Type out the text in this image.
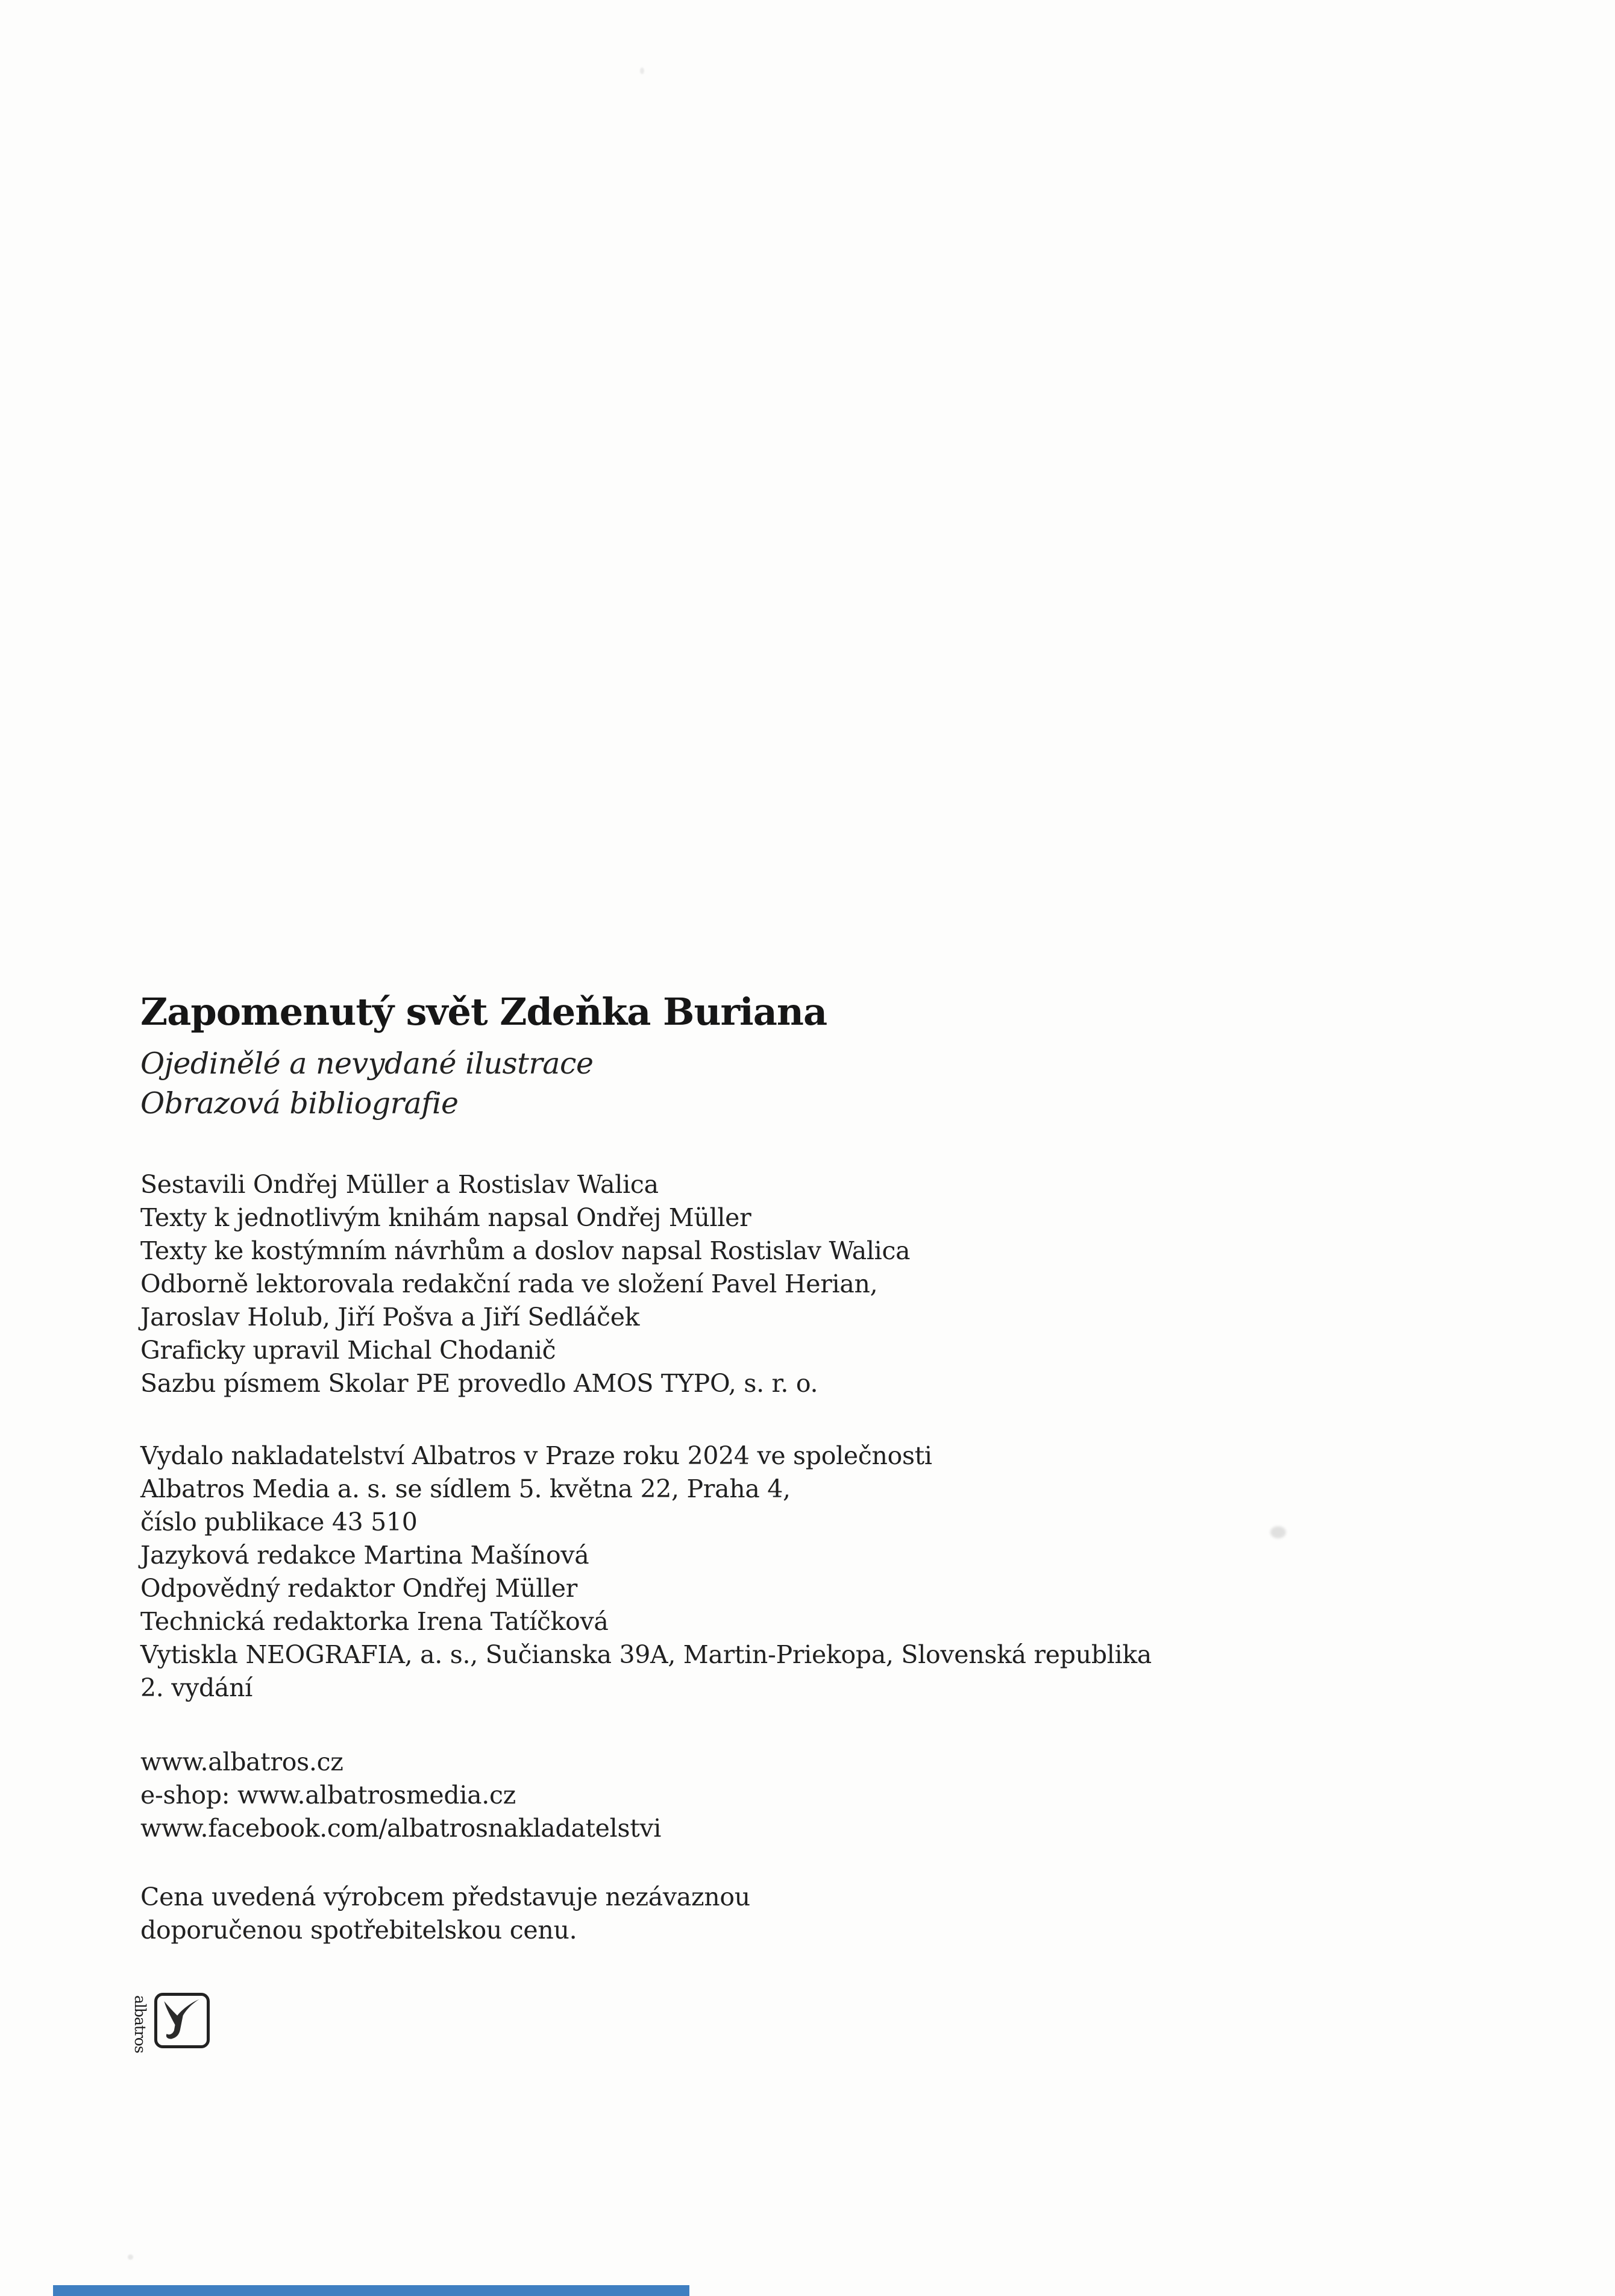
Zapomenutý svět Zdeňka Buriana

Ojedinělé a nevydané ilustrace

Obrazová bibliografie

Sestavili Ondřej Müller a Rostislav Walica

Texty k jednotlivým knihám napsal Ondřej Müller

Texty ke kostýmním návrhům a doslov napsal Rostislav Walica

Odborně lektorovala redakční rada ve složení Pavel Herian,

Jaroslav Holub, Jiří Pošva a Jiří Sedláček

Graficky upravil Michal Chodanič

Sazbu písmem Skolar PE provedlo AMOS TYPO, s. r. o.

Vydalo nakladatelství Albatros v Praze roku 2024 ve společnosti

Albatros Media a. s. se sídlem 5. května 22, Praha 4,

číslo publikace 43 510

Jazyková redakce Martina Mašínová

Odpovědný redaktor Ondřej Müller

Technická redaktorka Irena Tatíčková

Vytiskla NEOGRAFIA, a. s., Sučianska 39A, Martin-Priekopa, Slovenská republika

2. vydání

www.albatros.cz

e-shop: www.albatrosmedia.cz

www.facebook.com/albatrosnakladatelstvi

Cena uvedená výrobcem představuje nezávaznou

doporučenou spotřebitelskou cenu.

albatros
